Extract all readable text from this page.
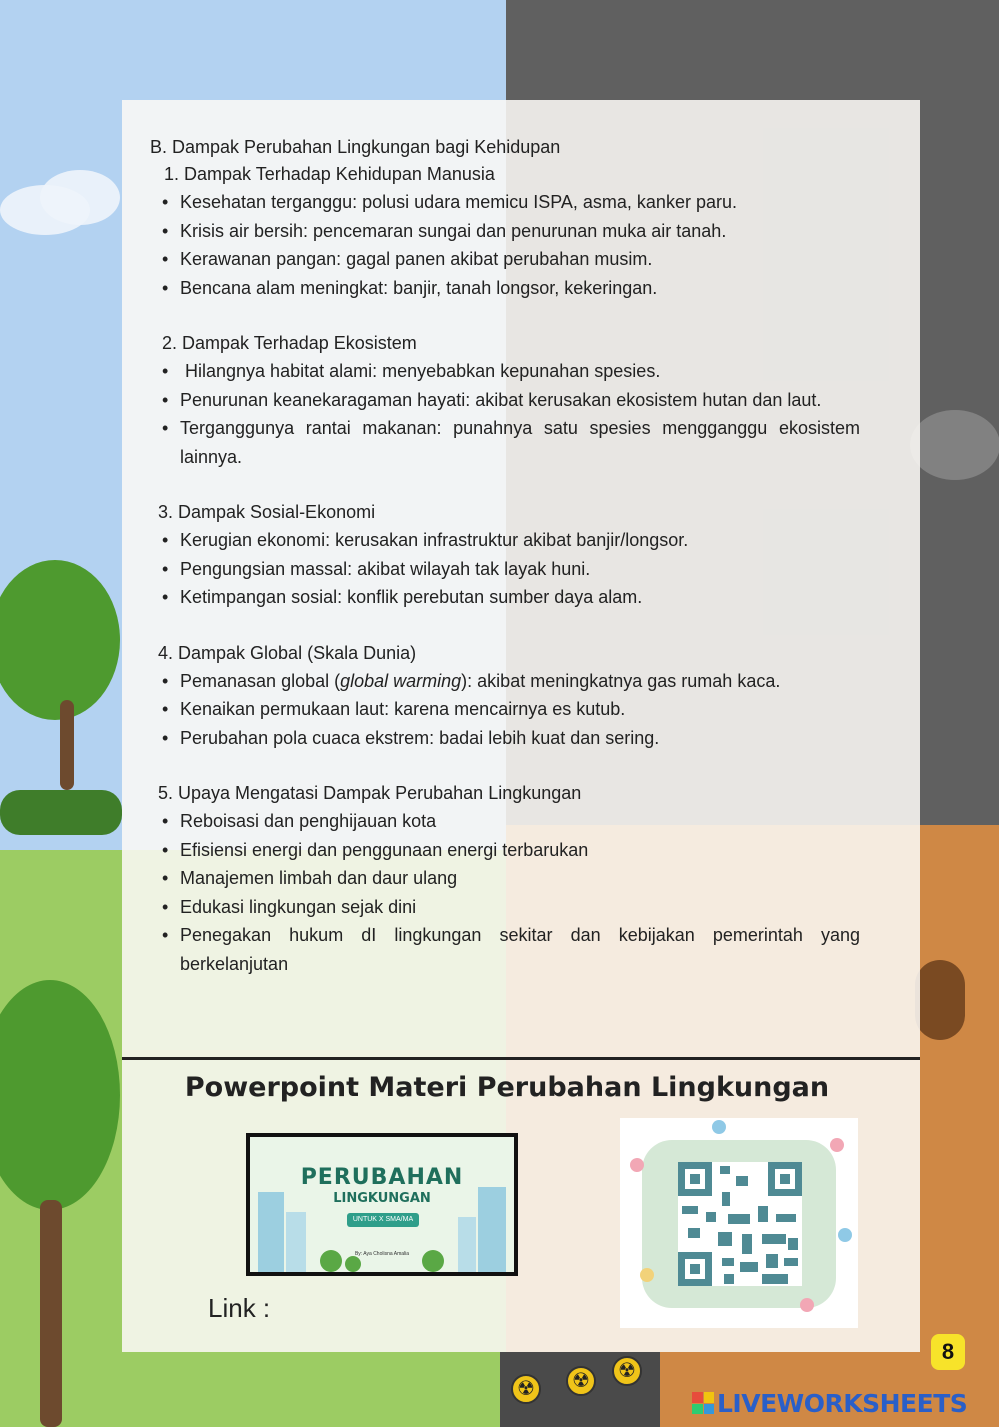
☢	☢	☢
B. Dampak Perubahan Lingkungan bagi Kehidupan

1. Dampak Terhadap Kehidupan Manusia

• Kesehatan terganggu: polusi udara memicu ISPA, asma, kanker paru.
• Krisis air bersih: pencemaran sungai dan penurunan muka air tanah.
• Kerawanan pangan: gagal panen akibat perubahan musim.
• Bencana alam meningkat: banjir, tanah longsor, kekeringan.

2. Dampak Terhadap Ekosistem

•  Hilangnya habitat alami: menyebabkan kepunahan spesies.
• Penurunan keanekaragaman hayati: akibat kerusakan ekosistem hutan dan laut.
• Terganggunya rantai makanan: punahnya satu spesies mengganggu ekosistem lainnya.

3. Dampak Sosial-Ekonomi

• Kerugian ekonomi: kerusakan infrastruktur akibat banjir/longsor.
• Pengungsian massal: akibat wilayah tak layak huni.
• Ketimpangan sosial: konflik perebutan sumber daya alam.

4. Dampak Global (Skala Dunia)

• Pemanasan global (global warming): akibat meningkatnya gas rumah kaca.
• Kenaikan permukaan laut: karena mencairnya es kutub.
• Perubahan pola cuaca ekstrem: badai lebih kuat dan sering.

5. Upaya Mengatasi Dampak Perubahan Lingkungan

• Reboisasi dan penghijauan kota
• Efisiensi energi dan penggunaan energi terbarukan
• Manajemen limbah dan daur ulang
• Edukasi lingkungan sejak dini
• Penegakan hukum dI lingkungan sekitar dan kebijakan pemerintah yang berkelanjutan
Powerpoint Materi Perubahan Lingkungan
PERUBAHAN
LINGKUNGAN
UNTUK X SMA/MA
By: Aya Cholisna Amalia
Link :
8
LIVEWORKSHEETS
